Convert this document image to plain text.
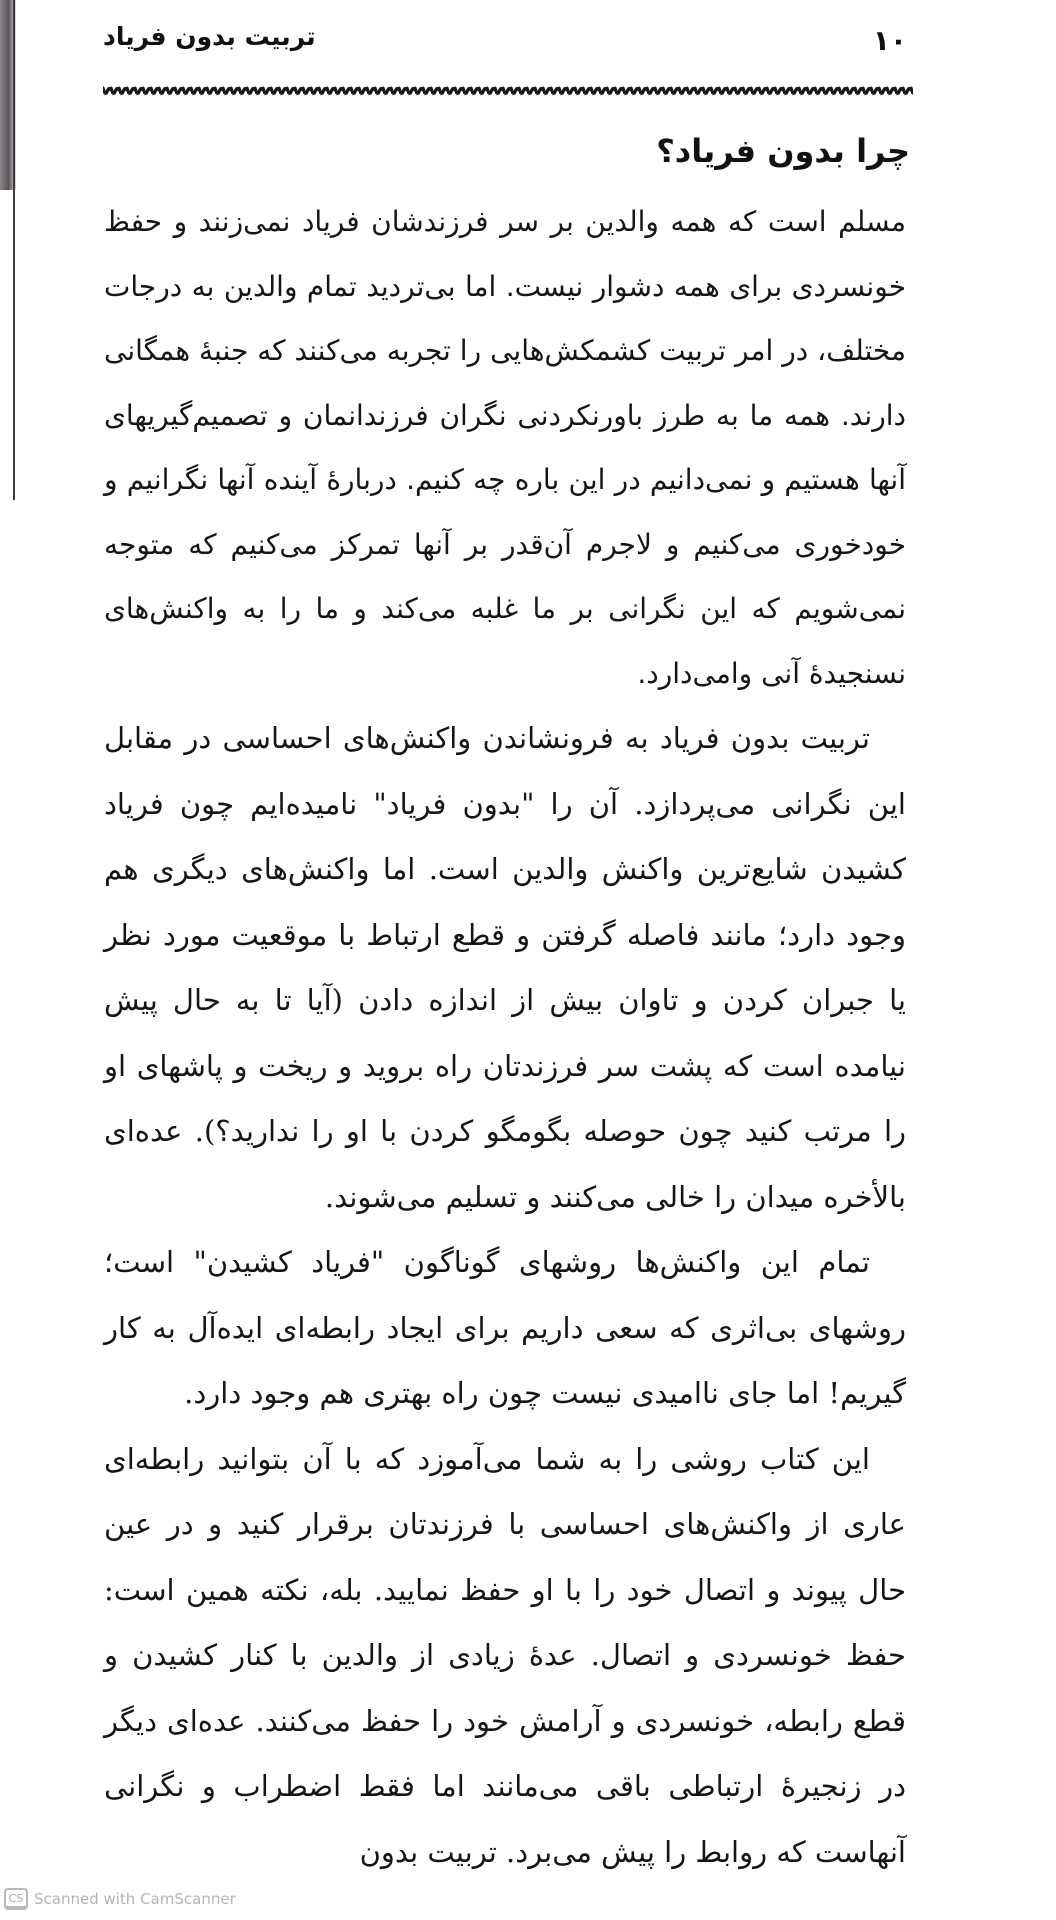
تربیت بدون فریاد	۱۰
چرا بدون فریاد؟

مسلم است که همه والدین بر سر فرزندشان فریاد نمی‌زنند و حفظ خونسردی برای همه دشوار نیست. اما بی‌تردید تمام والدین به درجات مختلف، در امر تربیت کشمکش‌هایی را تجربه می‌کنند که جنبهٔ همگانی دارند. همه ما به طرز باورنکردنی نگران فرزندانمان و تصمیم‌گیریهای آنها هستیم و نمی‌دانیم در این باره چه کنیم. دربارهٔ آینده آنها نگرانیم و خودخوری می‌کنیم و لاجرم آن‌قدر بر آنها تمرکز می‌کنیم که متوجه نمی‌شویم که این نگرانی بر ما غلبه می‌کند و ما را به واکنش‌های نسنجیدهٔ آنی وامی‌دارد.

تربیت بدون فریاد به فرونشاندن واکنش‌های احساسی در مقابل این نگرانی می‌پردازد. آن را "بدون فریاد" نامیده‌ایم چون فریاد کشیدن شایع‌ترین واکنش والدین است. اما واکنش‌های دیگری هم وجود دارد؛ مانند فاصله گرفتن و قطع ارتباط با موقعیت مورد نظر یا جبران کردن و تاوان بیش از اندازه دادن (آیا تا به حال پیش نیامده است که پشت سر فرزندتان راه بروید و ریخت و پاشهای او را مرتب کنید چون حوصله بگومگو کردن با او را ندارید؟). عده‌ای بالأخره میدان را خالی می‌کنند و تسلیم می‌شوند.

تمام این واکنش‌ها روشهای گوناگون "فریاد کشیدن" است؛ روشهای بی‌اثری که سعی داریم برای ایجاد رابطه‌ای ایده‌آل به کار گیریم! اما جای ناامیدی نیست چون راه بهتری هم وجود دارد.

این کتاب روشی را به شما می‌آموزد که با آن بتوانید رابطه‌ای عاری از واکنش‌های احساسی با فرزندتان برقرار کنید و در عین حال پیوند و اتصال خود را با او حفظ نمایید. بله، نکته همین است: حفظ خونسردی و اتصال. عدهٔ زیادی از والدین با کنار کشیدن و قطع رابطه، خونسردی و آرامش خود را حفظ می‌کنند. عده‌ای دیگر در زنجیرهٔ ارتباطی باقی می‌مانند اما فقط اضطراب و نگرانی آنهاست که روابط را پیش می‌برد. تربیت بدون

CS Scanned with CamScanner
